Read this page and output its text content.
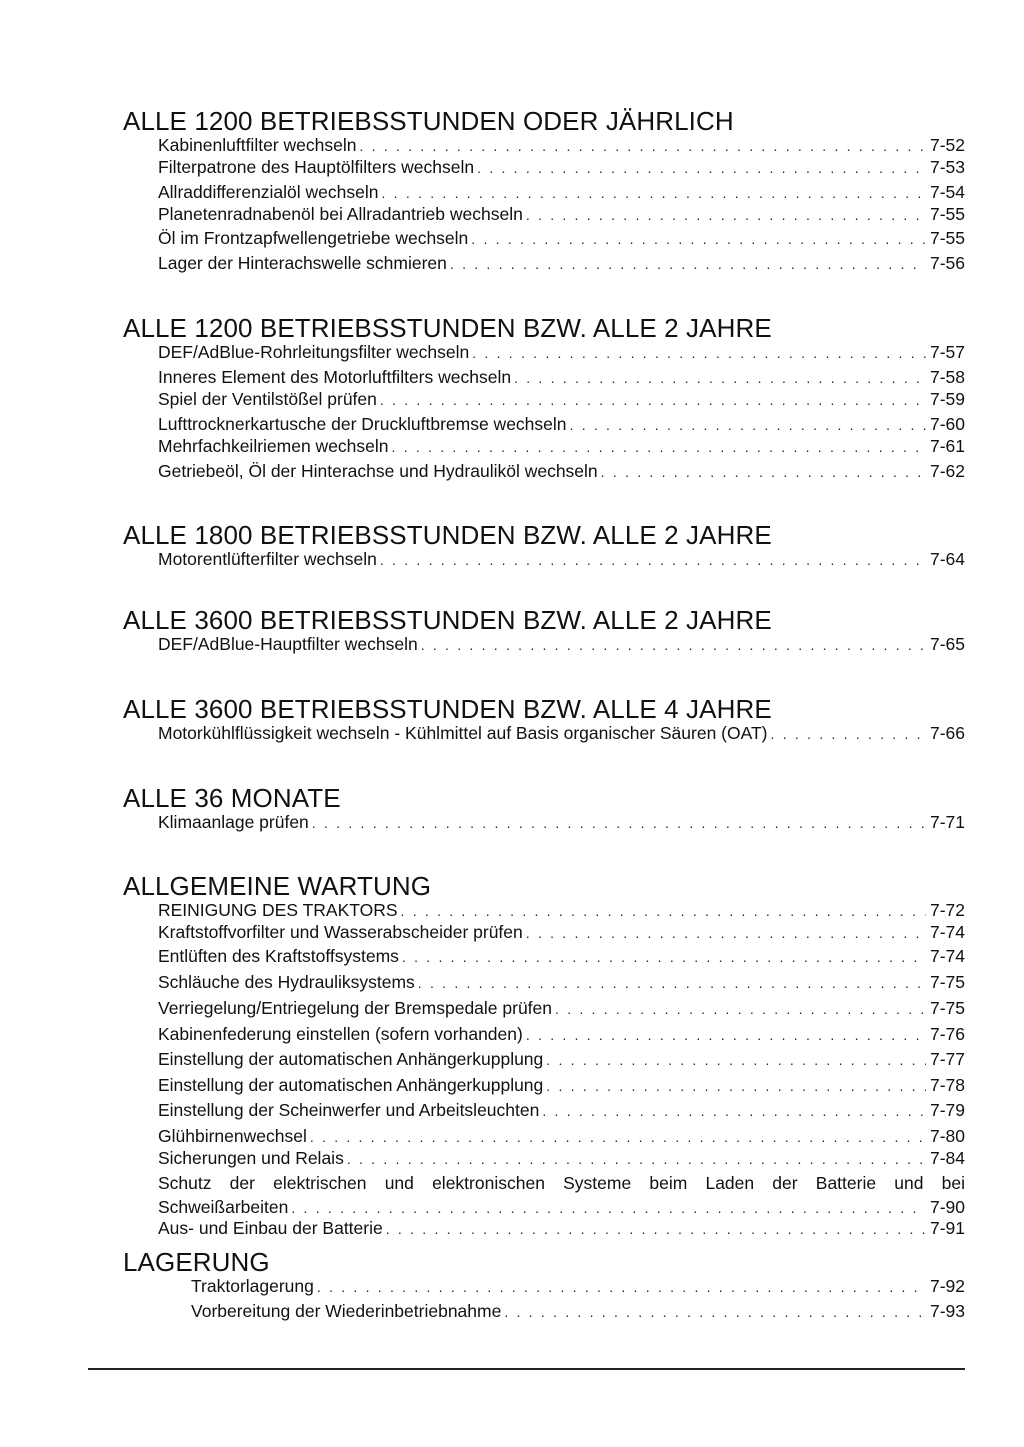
ALLE 1200 BETRIEBSSTUNDEN ODER JÄHRLICH
Kabinenluftfilter wechseln . . .	7-52
Filterpatrone des Hauptölfilters wechseln . . .	7-53
Allraddifferenzialöl wechseln . . .	7-54
Planetenradnabenöl bei Allradantrieb wechseln . . .	7-55
Öl im Frontzapfwellengetriebe wechseln . . .	7-55
Lager der Hinterachswelle schmieren . . .	7-56
ALLE 1200 BETRIEBSSTUNDEN BZW. ALLE 2 JAHRE
DEF/AdBlue-Rohrleitungsfilter wechseln . . .	7-57
Inneres Element des Motorluftfilters wechseln . . .	7-58
Spiel der Ventilstößel prüfen . . .	7-59
Lufttrocknerkartusche der Druckluftbremse wechseln . . .	7-60
Mehrfachkeilriemen wechseln . . .	7-61
Getriebeöl, Öl der Hinterachse und Hydrauliköl wechseln . . .	7-62
ALLE 1800 BETRIEBSSTUNDEN BZW. ALLE 2 JAHRE
Motorentlüfterfilter wechseln . . .	7-64
ALLE 3600 BETRIEBSSTUNDEN BZW. ALLE 2 JAHRE
DEF/AdBlue-Hauptfilter wechseln . . .	7-65
ALLE 3600 BETRIEBSSTUNDEN BZW. ALLE 4 JAHRE
Motorkühlflüssigkeit wechseln - Kühlmittel auf Basis organischer Säuren (OAT) . . .	7-66
ALLE 36 MONATE
Klimaanlage prüfen . . .	7-71
ALLGEMEINE WARTUNG
REINIGUNG DES TRAKTORS . . .	7-72
Kraftstoffvorfilter und Wasserabscheider prüfen . . .	7-74
Entlüften des Kraftstoffsystems . . .	7-74
Schläuche des Hydrauliksystems . . .	7-75
Verriegelung/Entriegelung der Bremspedale prüfen . . .	7-75
Kabinenfederung einstellen (sofern vorhanden) . . .	7-76
Einstellung der automatischen Anhängerkupplung . . .	7-77
Einstellung der automatischen Anhängerkupplung . . .	7-78
Einstellung der Scheinwerfer und Arbeitsleuchten . . .	7-79
Glühbirnenwechsel . . .	7-80
Sicherungen und Relais . . .	7-84
Schutz der elektrischen und elektronischen Systeme beim Laden der Batterie und bei
Schweißarbeiten . . .	7-90
Aus- und Einbau der Batterie . . .	7-91
LAGERUNG
Traktorlagerung . . .	7-92
Vorbereitung der Wiederinbetriebnahme . . .	7-93
